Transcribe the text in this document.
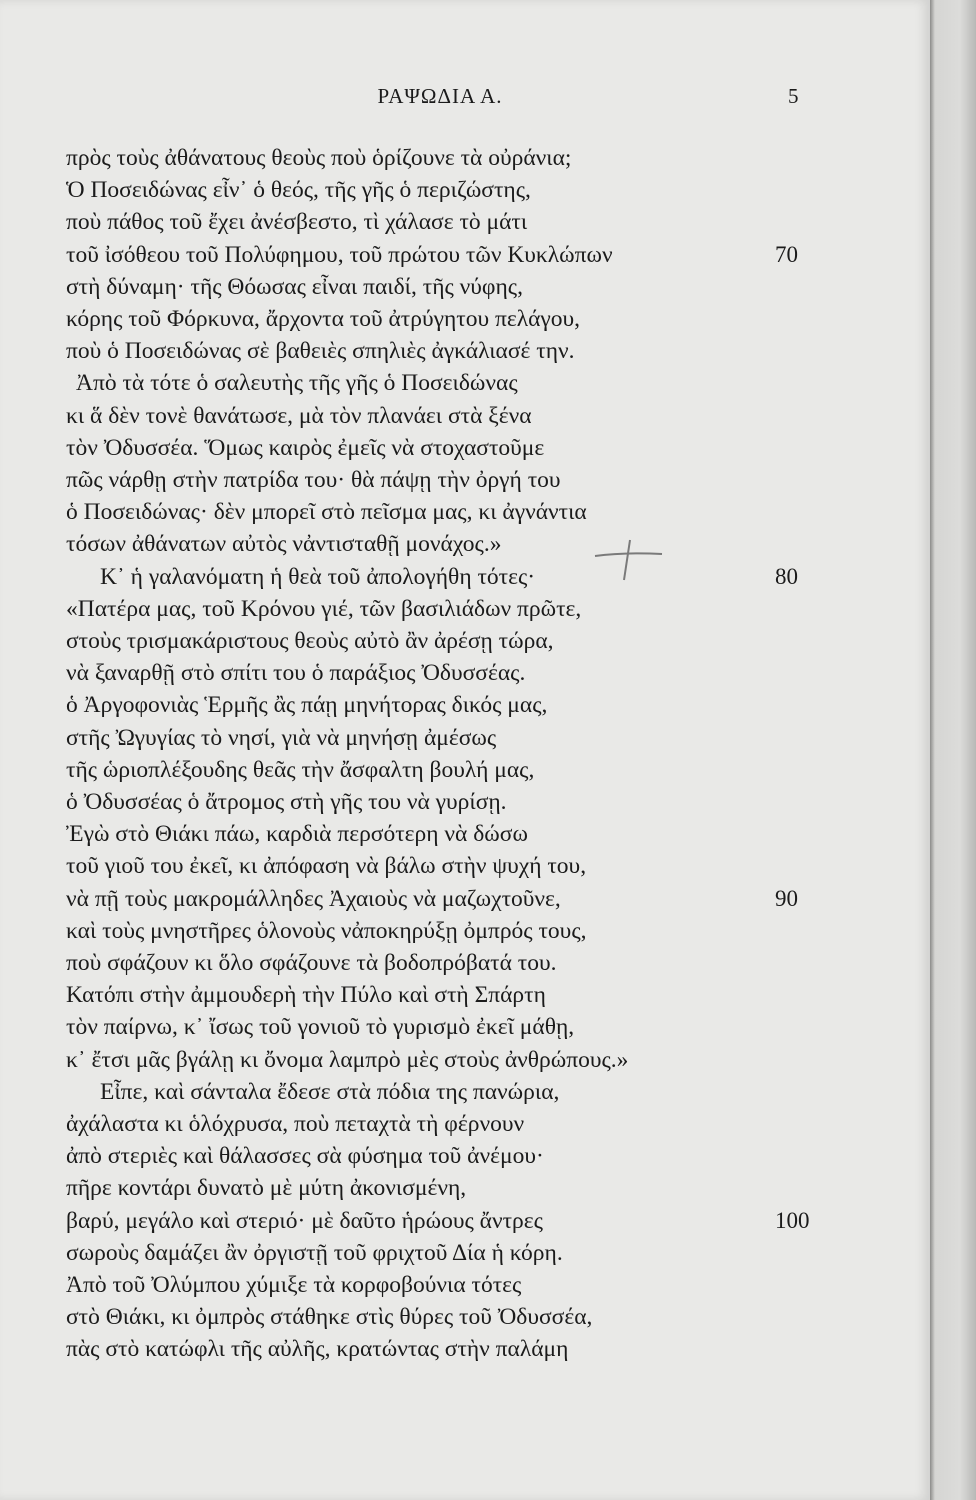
ΡΑΨΩΔΙΑ Α.	5
πρὸς τοὺς ἀθάνατους θεοὺς ποὺ ὁρίζουνε τὰ οὐράνια;
Ὁ Ποσειδώνας εἶν᾿ ὁ θεός, τῆς γῆς ὁ περιζώστης,
ποὺ πάθος τοῦ ἔχει ἀνέσβεστο, τὶ χάλασε τὸ μάτι
τοῦ ἰσόθεου τοῦ Πολύφημου, τοῦ πρώτου τῶν Κυκλώπων	70
στὴ δύναμη· τῆς Θόωσας εἶναι παιδί, τῆς νύφης,
κόρης τοῦ Φόρκυνα, ἄρχοντα τοῦ ἀτρύγητου πελάγου,
ποὺ ὁ Ποσειδώνας σὲ βαθειὲς σπηλιὲς ἀγκάλιασέ την.
Ἀπὸ τὰ τότε ὁ σαλευτὴς τῆς γῆς ὁ Ποσειδώνας
κι ἅ δὲν τονὲ θανάτωσε, μὰ τὸν πλανάει στὰ ξένα
τὸν Ὀδυσσέα. Ὅμως καιρὸς ἐμεῖς νὰ στοχαστοῦμε
πῶς νάρθῃ στὴν πατρίδα του· θὰ πάψῃ τὴν ὀργή του
ὁ Ποσειδώνας· δὲν μπορεῖ στὸ πεῖσμα μας, κι ἀγνάντια
τόσων ἀθάνατων αὐτὸς νἀντισταθῇ μονάχος.»
Κ᾿ ἡ γαλανόματη ἡ θεὰ τοῦ ἀπολογήθη τότες·	80
«Πατέρα μας, τοῦ Κρόνου γιέ, τῶν βασιλιάδων πρῶτε,
στοὺς τρισμακάριστους θεοὺς αὐτὸ ἂν ἀρέσῃ τώρα,
νὰ ξαναρθῇ στὸ σπίτι του ὁ παράξιος Ὀδυσσέας.
ὁ Ἀργοφονιὰς Ἑρμῆς ἂς πάῃ μηνήτορας δικός μας,
στῆς Ὠγυγίας τὸ νησί, γιὰ νὰ μηνήσῃ ἀμέσως
τῆς ὡριοπλέξουδης θεᾶς τὴν ἄσφαλτη βουλή μας,
ὁ Ὀδυσσέας ὁ ἄτρομος στὴ γῆς του νὰ γυρίσῃ.
Ἐγὼ στὸ Θιάκι πάω, καρδιὰ περσότερη νὰ δώσω
τοῦ γιοῦ του ἐκεῖ, κι ἀπόφαση νὰ βάλω στὴν ψυχή του,
νὰ πῇ τοὺς μακρομάλληδες Ἀχαιοὺς νὰ μαζωχτοῦνε,	90
καὶ τοὺς μνηστῆρες ὁλονοὺς νἀποκηρύξῃ ὀμπρός τους,
ποὺ σφάζουν κι ὅλο σφάζουνε τὰ βοδοπρόβατά του.
Κατόπι στὴν ἀμμουδερὴ τὴν Πύλο καὶ στὴ Σπάρτη
τὸν παίρνω, κ᾿ ἴσως τοῦ γονιοῦ τὸ γυρισμὸ ἐκεῖ μάθῃ,
κ᾿ ἔτσι μᾶς βγάλῃ κι ὄνομα λαμπρὸ μὲς στοὺς ἀνθρώπους.»
Εἶπε, καὶ σάνταλα ἔδεσε στὰ πόδια της πανώρια,
ἀχάλαστα κι ὁλόχρυσα, ποὺ πεταχτὰ τὴ φέρνουν
ἀπὸ στεριὲς καὶ θάλασσες σὰ φύσημα τοῦ ἀνέμου·
πῆρε κοντάρι δυνατὸ μὲ μύτη ἀκονισμένη,
βαρύ, μεγάλο καὶ στεριό· μὲ δαῦτο ἡρώους ἄντρες	100
σωροὺς δαμάζει ἂν ὀργιστῇ τοῦ φριχτοῦ Δία ἡ κόρη.
Ἀπὸ τοῦ Ὀλύμπου χύμιξε τὰ κορφοβούνια τότες
στὸ Θιάκι, κι ὀμπρὸς στάθηκε στὶς θύρες τοῦ Ὀδυσσέα,
πὰς στὸ κατώφλι τῆς αὐλῆς, κρατώντας στὴν παλάμη
